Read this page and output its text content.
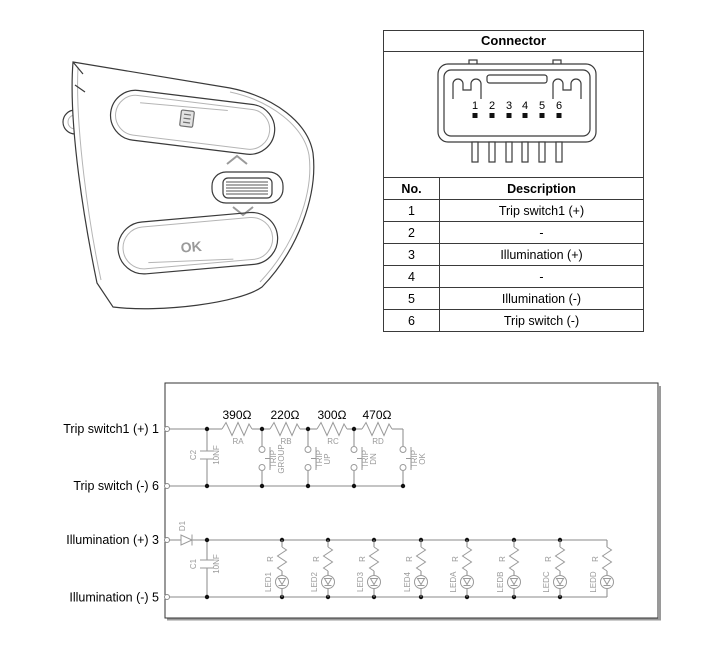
OK
Connector
1 2 3 4 5 6
No.	Description
1	Trip switch1 (+)
2	-
3	Illumination (+)
4	-
5	Illumination (-)
6	Trip switch (-)
Trip switch1 (+) 1
Trip switch (-) 6
Illumination (+) 3
Illumination (-) 5
390Ω
RA
220Ω
RB
300Ω
RC
470Ω
RD
C2 10NF	TRIP GROUP	TRIP UP	TRIP DN	TRIP OK
D1
C1 10NF	R
LED1
R
LED2
R
LED3
R
LED4
R
LEDA
R
LEDB
R
LEDC
R
LEDD
